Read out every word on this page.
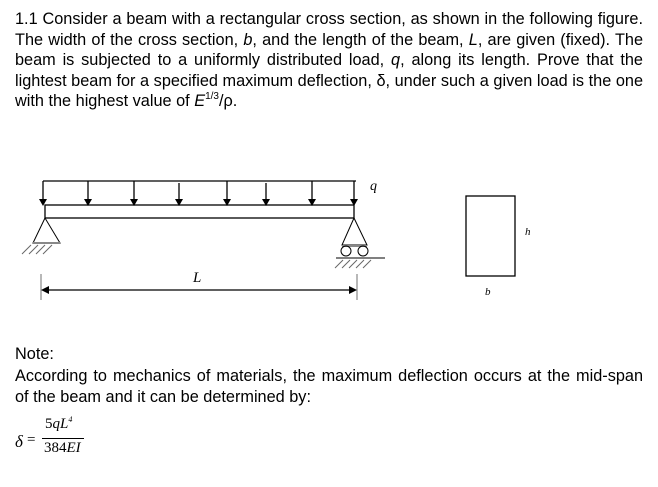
1.1 Consider a beam with a rectangular cross section, as shown in the following figure. The width of the cross section, b, and the length of the beam, L, are given (fixed). The beam is subjected to a uniformly distributed load, q, along its length. Prove that the lightest beam for a specified maximum deflection, δ, under such a given load is the one with the highest value of $E^{1/3}/\rho$.
q
L
h
b
Note:
According to mechanics of materials, the maximum deflection occurs at the mid-span of the beam and it can be determined by:
δ =
$5qL^4$
384EI
